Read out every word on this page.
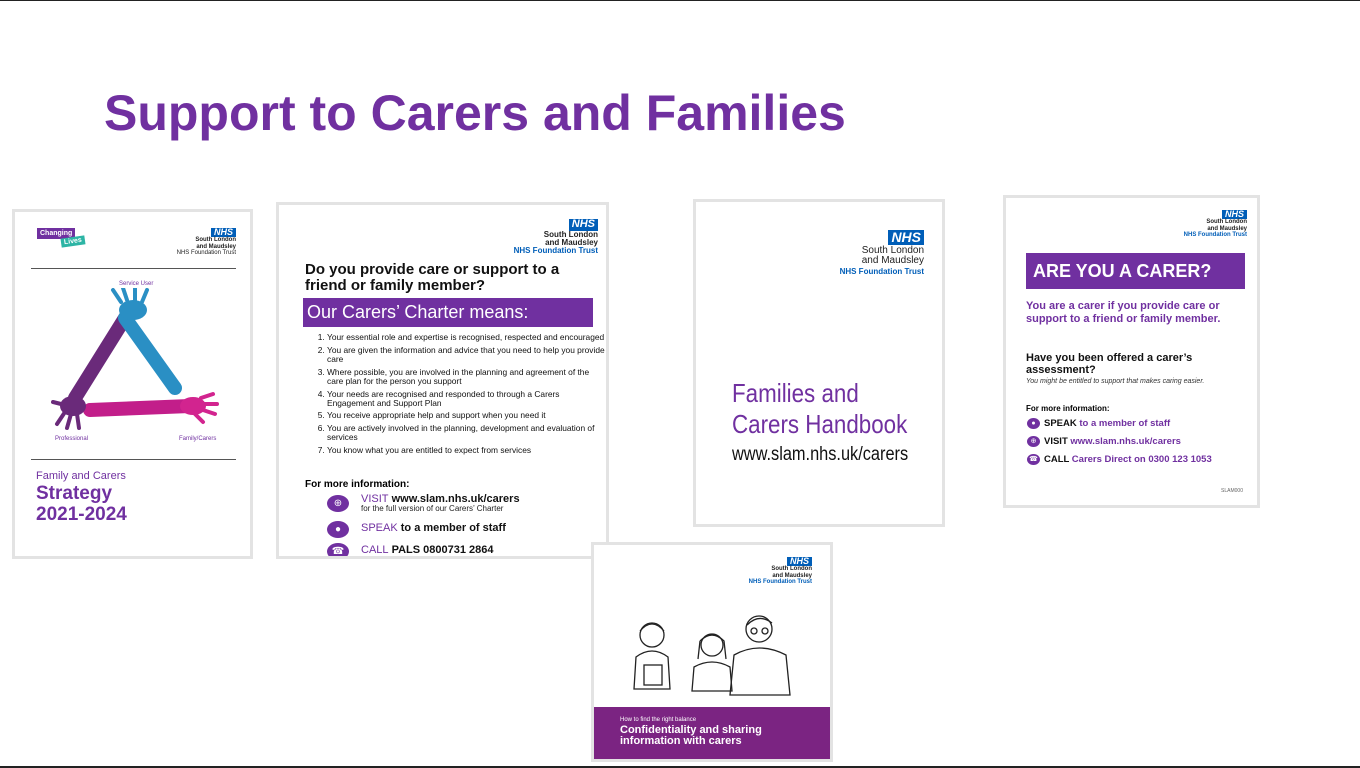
Support to Carers and Families
Changing
Lives
NHS
South London
and Maudsley
NHS Foundation Trust
Service User
Professional	Family/Carers
Family and Carers
Strategy
2021-2024
NHS
South London
and Maudsley
NHS Foundation Trust
Do you provide care or support to a friend or family member?
Our Carers’ Charter means:
1. Your essential role and expertise is recognised, respected and encouraged
2. You are given the information and advice that you need to help you provide care
3. Where possible, you are involved in the planning and agreement of the care plan for the person you support
4. Your needs are recognised and responded to through a Carers Engagement and Support Plan
5. You receive appropriate help and support when you need it
6. You are actively involved in the planning, development and evaluation of services
7. You know what you are entitled to expect from services
For more information:
⊕	VISIT www.slam.nhs.uk/carers
for the full version of our Carers’ Charter
●	SPEAK to a member of staff
☎	CALL PALS 0800731 2864
NHS
South London
and Maudsley
NHS Foundation Trust
Families and
Carers Handbook
www.slam.nhs.uk/carers
NHS
South London
and Maudsley
NHS Foundation Trust
ARE YOU A CARER?
You are a carer if you provide care or support to a friend or family member.
Have you been offered a carer’s assessment?
You might be entitled to support that makes caring easier.
For more information:
● SPEAK to a member of staff
⊕ VISIT www.slam.nhs.uk/carers
☎ CALL Carers Direct on 0300 123 1053
SLAM000
NHS
South London
and Maudsley
NHS Foundation Trust
How to find the right balance
Confidentiality and sharing information with carers
